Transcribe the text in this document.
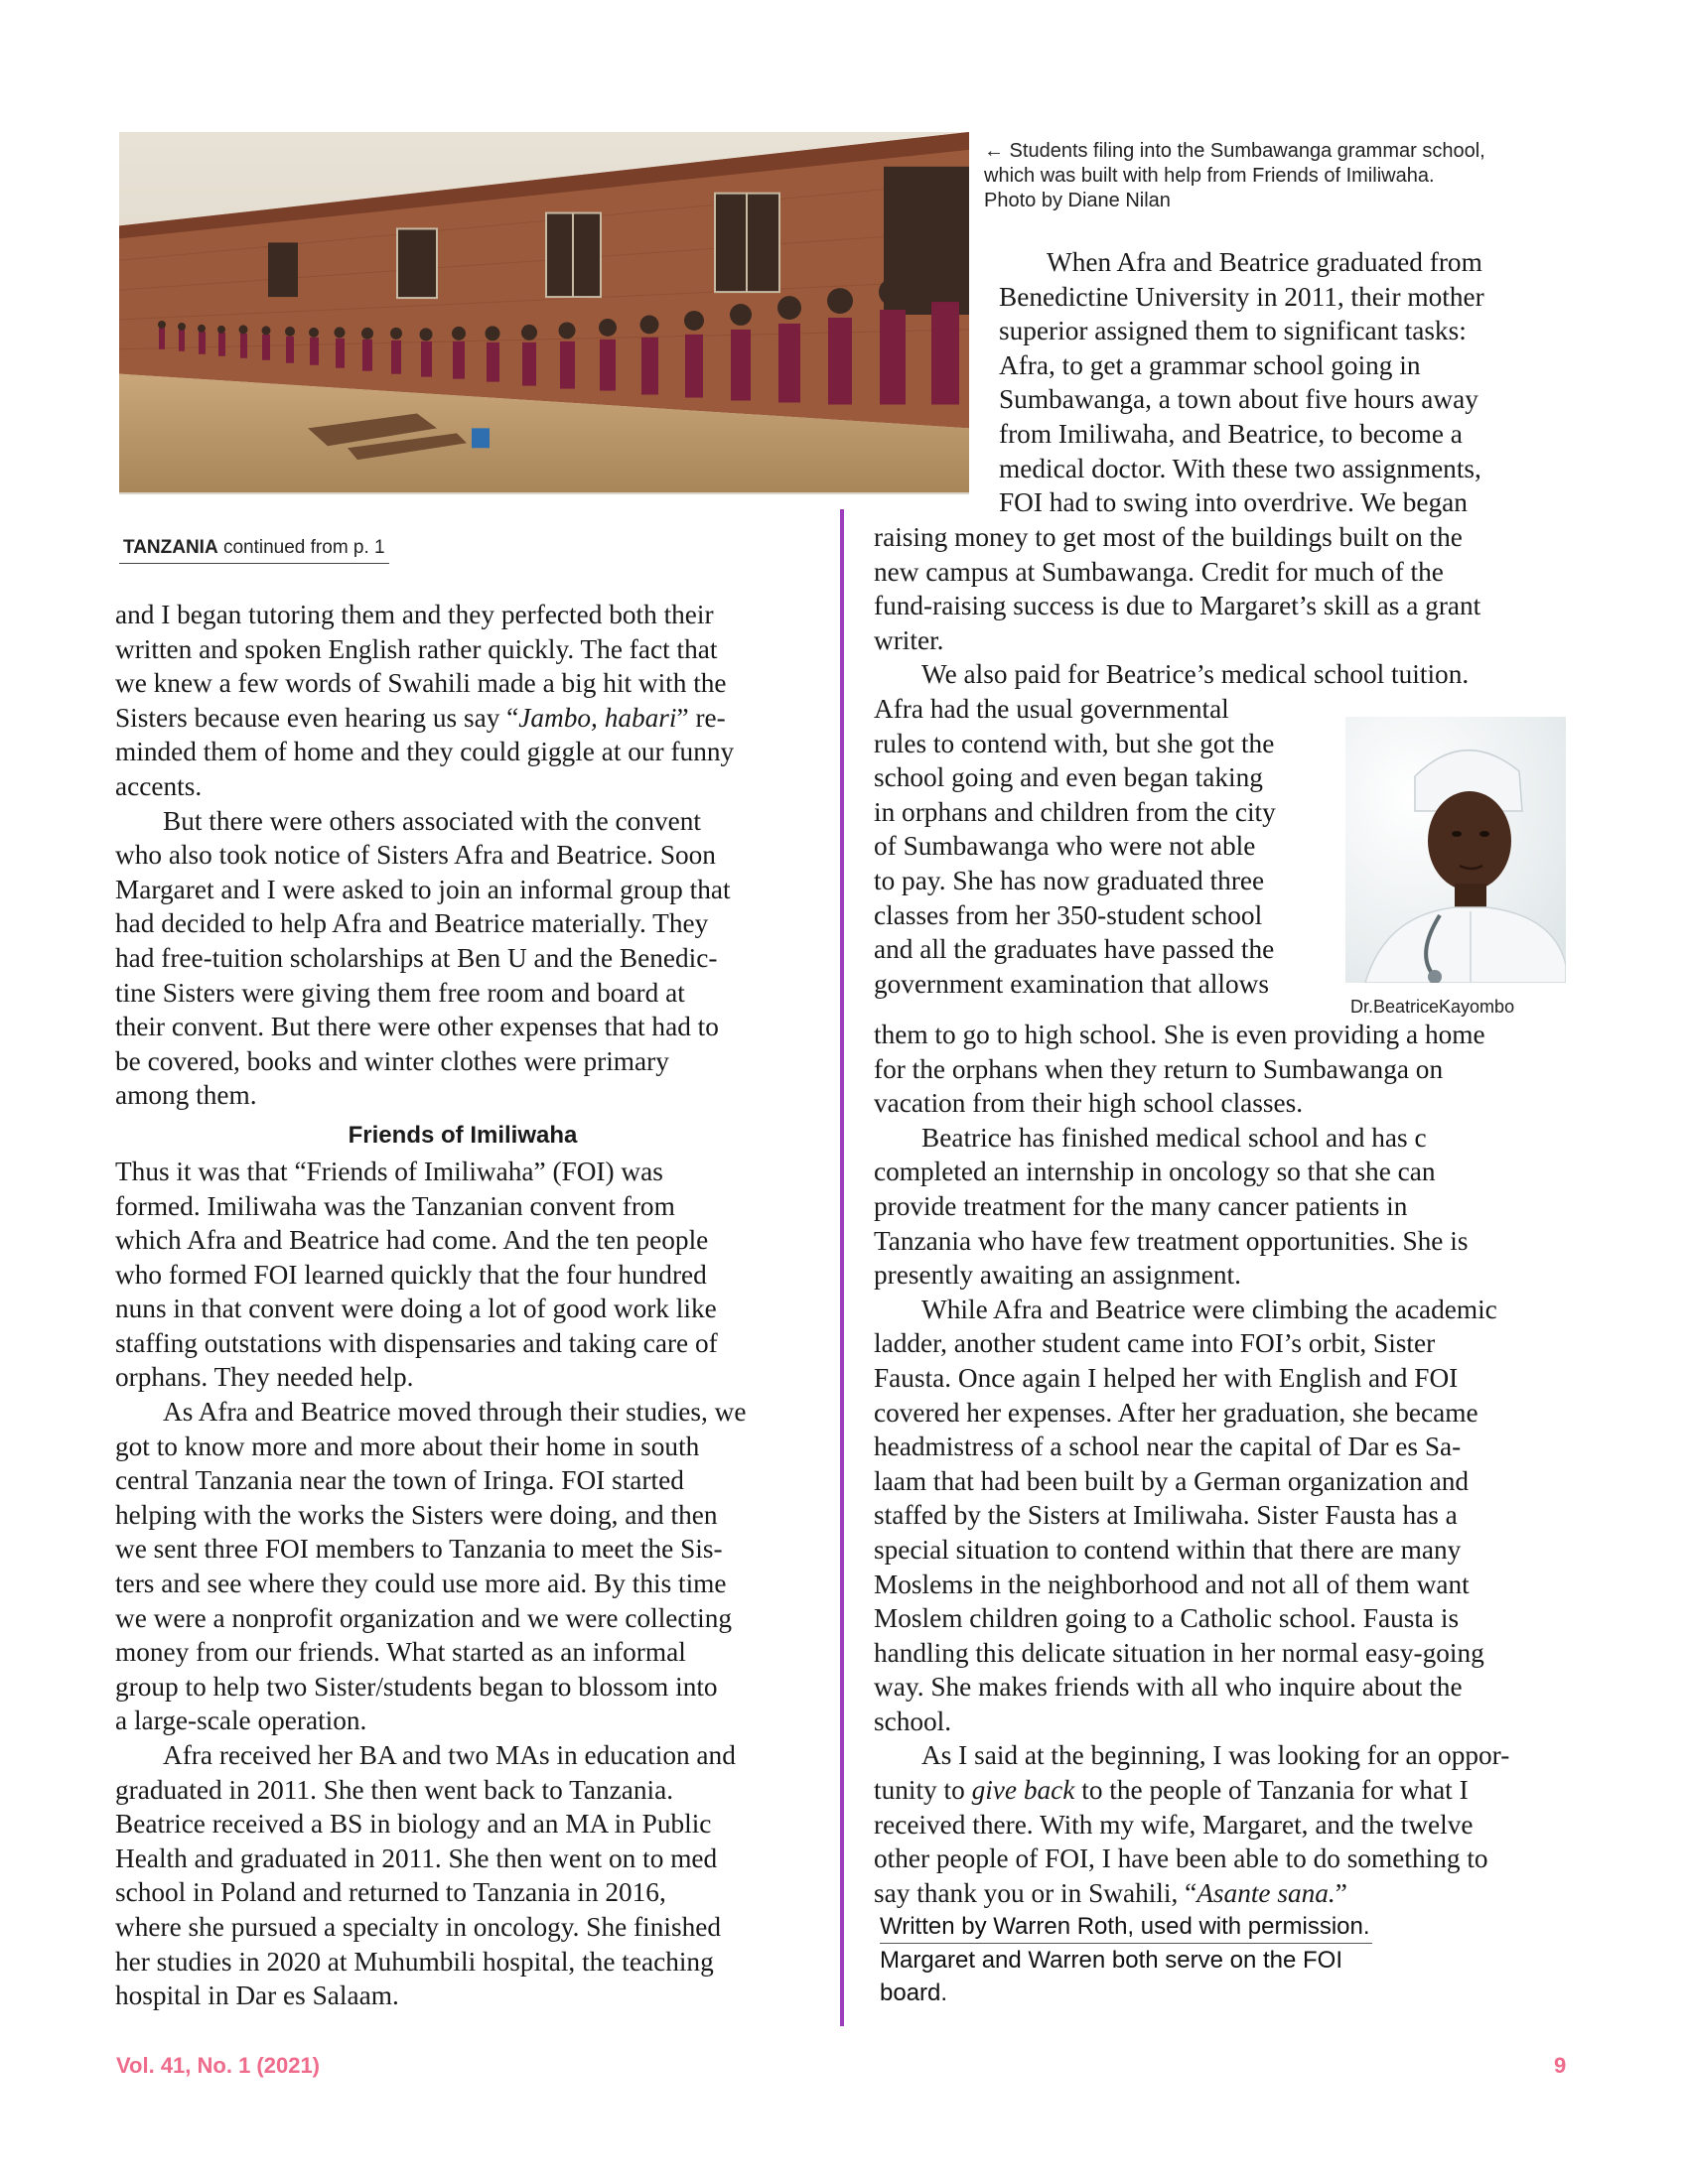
← Students filing into the Sumbawanga grammar school,

which was built with help from Friends of Imiliwaha.

Photo by Diane Nilan

TANZANIA continued from p. 1

and I began tutoring them and they perfected both their

written and spoken English rather quickly. The fact that

we knew a few words of Swahili made a big hit with the

Sisters because even hearing us say “Jambo, habari” re-

minded them of home and they could giggle at our funny

accents.

But there were others associated with the convent

who also took notice of Sisters Afra and Beatrice. Soon

Margaret and I were asked to join an informal group that

had decided to help Afra and Beatrice materially. They

had free-tuition scholarships at Ben U and the Benedic-

tine Sisters were giving them free room and board at

their convent. But there were other expenses that had to

be covered, books and winter clothes were primary

among them.

Friends of Imiliwaha

Thus it was that “Friends of Imiliwaha” (FOI) was

formed. Imiliwaha was the Tanzanian convent from

which Afra and Beatrice had come. And the ten people

who formed FOI learned quickly that the four hundred

nuns in that convent were doing a lot of good work like

staffing outstations with dispensaries and taking care of

orphans. They needed help.

As Afra and Beatrice moved through their studies, we

got to know more and more about their home in south

central Tanzania near the town of Iringa. FOI started

helping with the works the Sisters were doing, and then

we sent three FOI members to Tanzania to meet the Sis-

ters and see where they could use more aid. By this time

we were a nonprofit organization and we were collecting

money from our friends. What started as an informal

group to help two Sister/students began to blossom into

a large-scale operation.

Afra received her BA and two MAs in education and

graduated in 2011. She then went back to Tanzania.

Beatrice received a BS in biology and an MA in Public

Health and graduated in 2011. She then went on to med

school in Poland and returned to Tanzania in 2016,

where she pursued a specialty in oncology. She finished

her studies in 2020 at Muhumbili hospital, the teaching

hospital in Dar es Salaam.

When Afra and Beatrice graduated from

Benedictine University in 2011, their mother

superior assigned them to significant tasks:

Afra, to get a grammar school going in

Sumbawanga, a town about five hours away

from Imiliwaha, and Beatrice, to become a

medical doctor. With these two assignments,

FOI had to swing into overdrive. We began

raising money to get most of the buildings built on the

new campus at Sumbawanga. Credit for much of the

fund-raising success is due to Margaret’s skill as a grant

writer.

We also paid for Beatrice’s medical school tuition.

Afra had the usual governmental

rules to contend with, but she got the

school going and even began taking

in orphans and children from the city

of Sumbawanga who were not able

to pay. She has now graduated three

classes from her 350-student school

and all the graduates have passed the

government examination that allows

Dr.BeatriceKayombo

them to go to high school. She is even providing a home

for the orphans when they return to Sumbawanga on

vacation from their high school classes.

Beatrice has finished medical school and has c

completed an internship in oncology so that she can

provide treatment for the many cancer patients in

Tanzania who have few treatment opportunities. She is

presently awaiting an assignment.

While Afra and Beatrice were climbing the academic

ladder, another student came into FOI’s orbit, Sister

Fausta. Once again I helped her with English and FOI

covered her expenses. After her graduation, she became

headmistress of a school near the capital of Dar es Sa-

laam that had been built by a German organization and

staffed by the Sisters at Imiliwaha. Sister Fausta has a

special situation to contend within that there are many

Moslems in the neighborhood and not all of them want

Moslem children going to a Catholic school. Fausta is

handling this delicate situation in her normal easy-going

way. She makes friends with all who inquire about the

school.

As I said at the beginning, I was looking for an oppor-

tunity to give back to the people of Tanzania for what I

received there. With my wife, Margaret, and the twelve

other people of FOI, I have been able to do something to

say thank you or in Swahili, “Asante sana.”

Written by Warren Roth, used with permission.

Margaret and Warren both serve on the FOI

board.

Vol. 41, No. 1 (2021)	9
